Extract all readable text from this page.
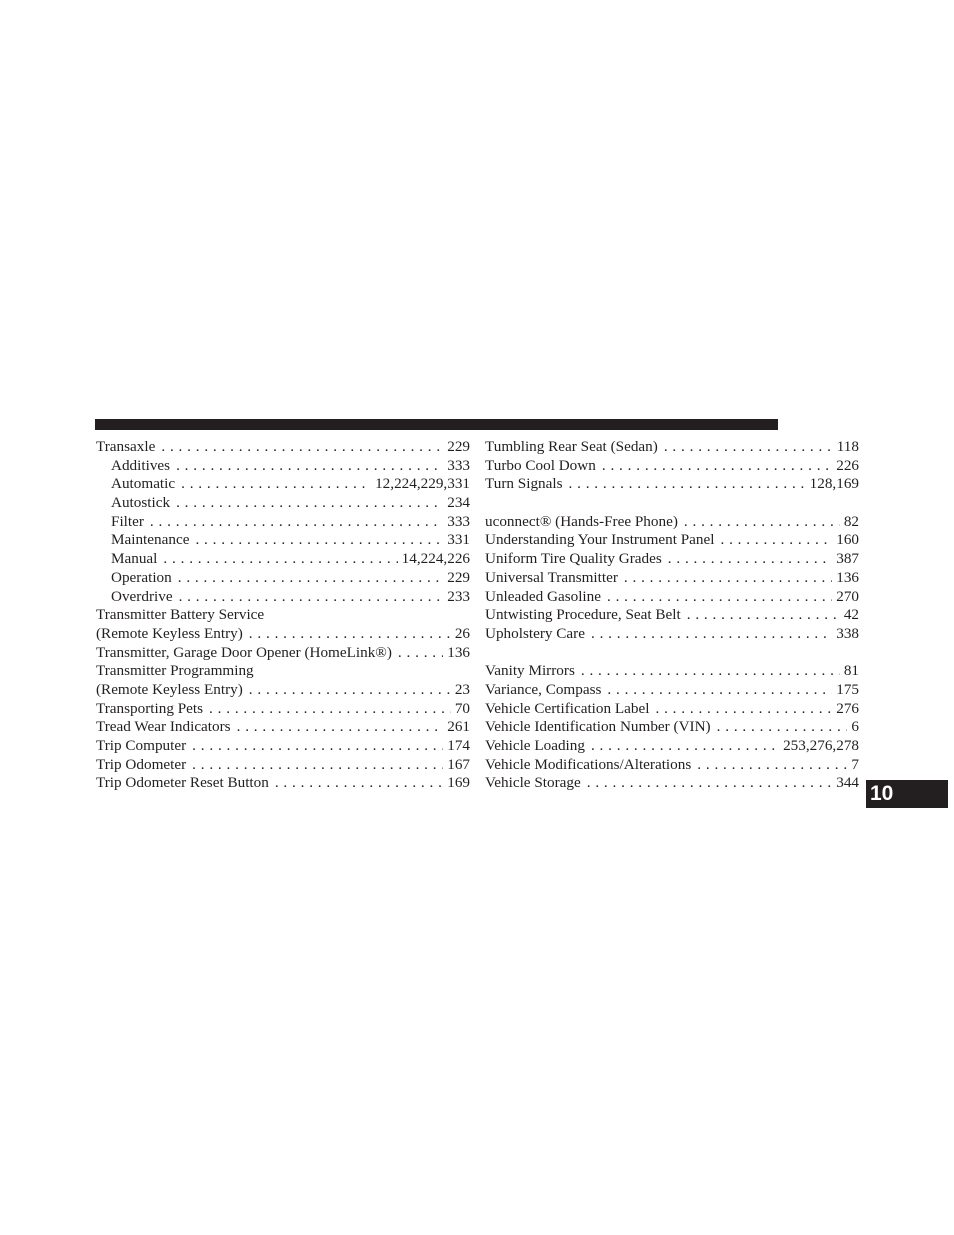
Transaxle . . .	229
Additives . . .	333
Automatic . . .	12,224,229,331
Autostick . . .	234
Filter . . .	333
Maintenance . . .	331
Manual . . .	14,224,226
Operation . . .	229
Overdrive . . .	233
Transmitter Battery Service
(Remote Keyless Entry) . . .	26
Transmitter, Garage Door Opener (HomeLink®) . . .	136
Transmitter Programming
(Remote Keyless Entry) . . .	23
Transporting Pets . . .	70
Tread Wear Indicators . . .	261
Trip Computer . . .	174
Trip Odometer . . .	167
Trip Odometer Reset Button . . .	169
Tumbling Rear Seat (Sedan) . . .	118
Turbo Cool Down . . .	226
Turn Signals . . .	128,169
uconnect® (Hands-Free Phone) . . .	82
Understanding Your Instrument Panel . . .	160
Uniform Tire Quality Grades . . .	387
Universal Transmitter . . .	136
Unleaded Gasoline . . .	270
Untwisting Procedure, Seat Belt . . .	42
Upholstery Care . . .	338
Vanity Mirrors . . .	81
Variance, Compass . . .	175
Vehicle Certification Label . . .	276
Vehicle Identification Number (VIN) . . .	6
Vehicle Loading . . .	253,276,278
Vehicle Modifications/Alterations . . .	7
Vehicle Storage . . .	344 10
